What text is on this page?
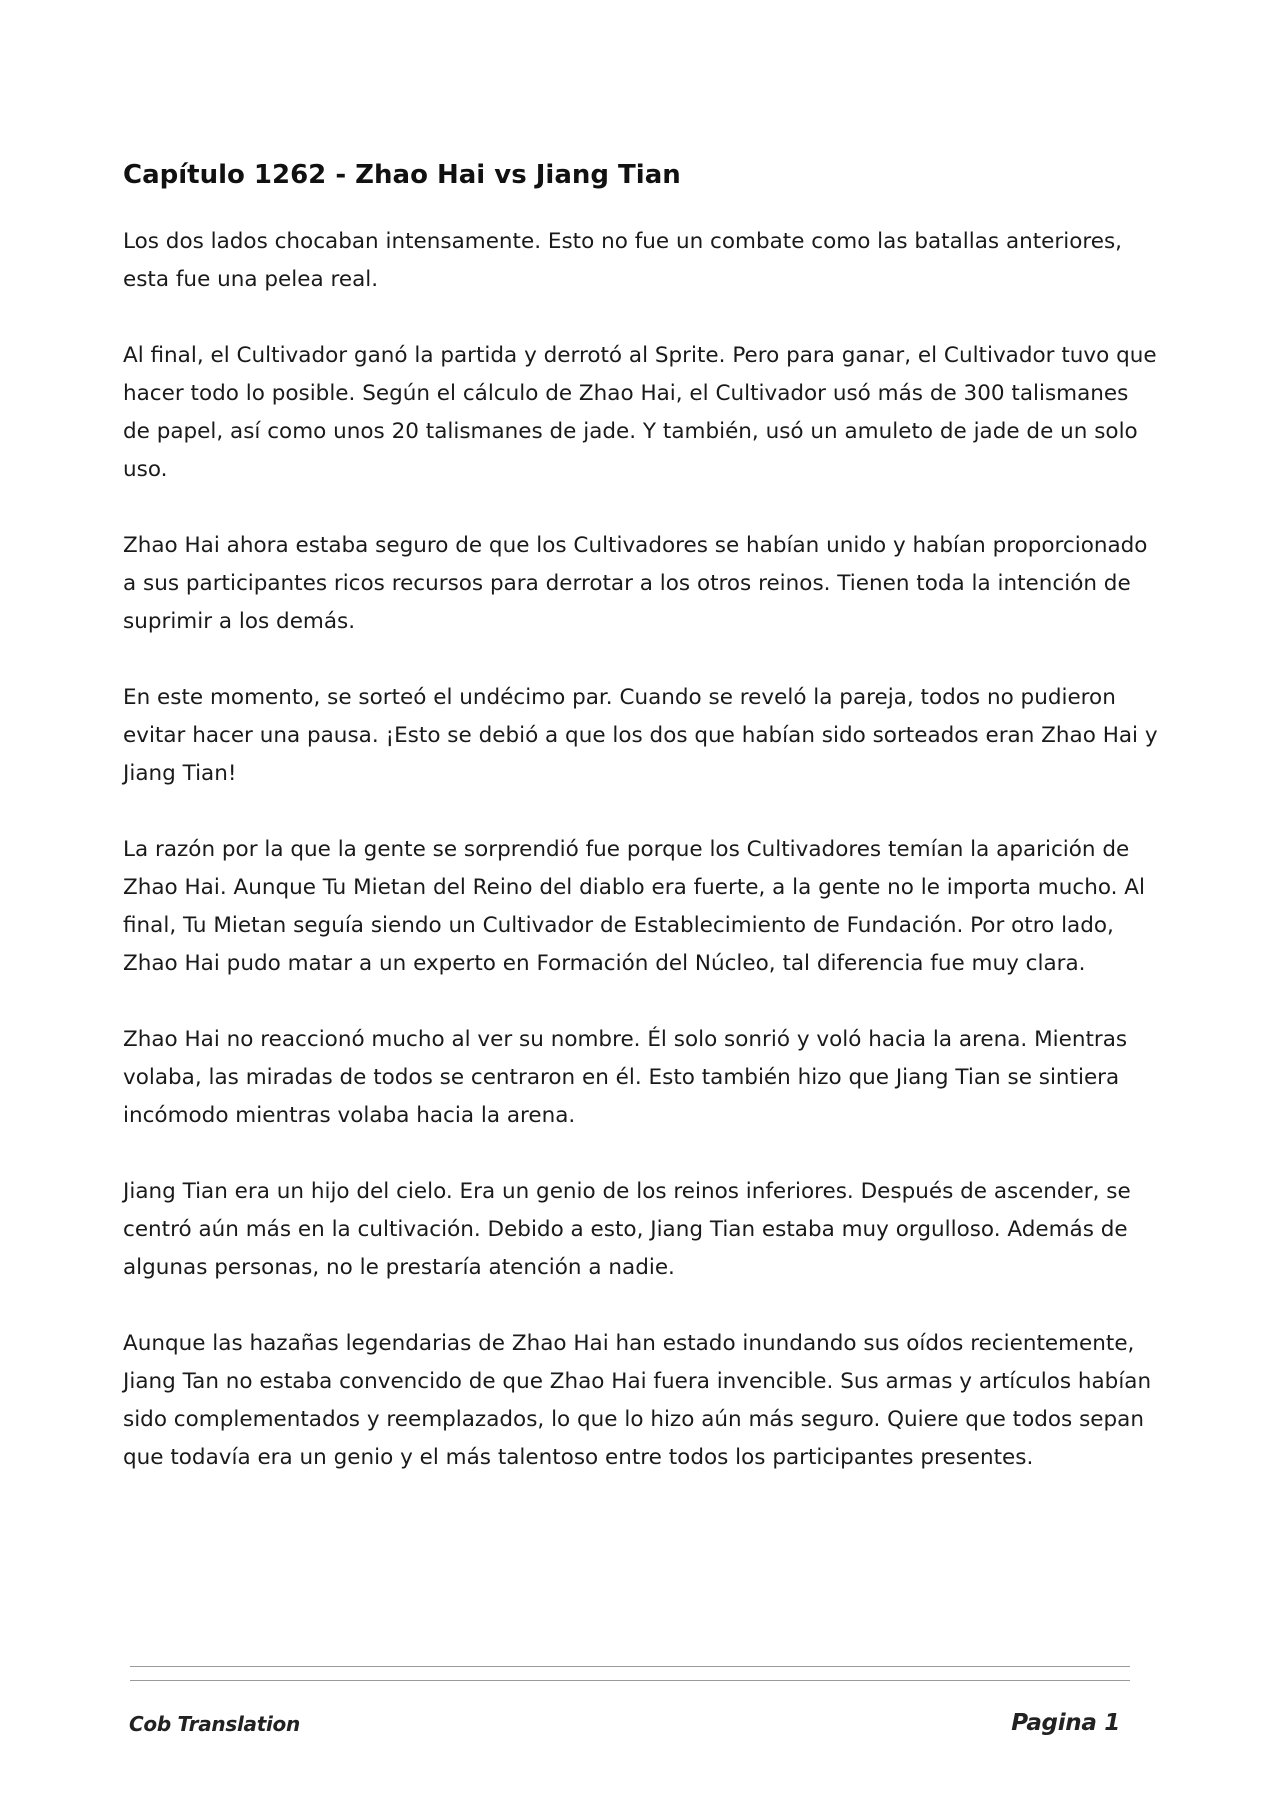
Capítulo 1262 - Zhao Hai vs Jiang Tian

Los dos lados chocaban intensamente. Esto no fue un combate como las batallas anteriores, esta fue una pelea real.

Al final, el Cultivador ganó la partida y derrotó al Sprite. Pero para ganar, el Cultivador tuvo que hacer todo lo posible. Según el cálculo de Zhao Hai, el Cultivador usó más de 300 talismanes de papel, así como unos 20 talismanes de jade. Y también, usó un amuleto de jade de un solo uso.

Zhao Hai ahora estaba seguro de que los Cultivadores se habían unido y habían proporcionado a sus participantes ricos recursos para derrotar a los otros reinos. Tienen toda la intención de suprimir a los demás.

En este momento, se sorteó el undécimo par. Cuando se reveló la pareja, todos no pudieron evitar hacer una pausa. ¡Esto se debió a que los dos que habían sido sorteados eran Zhao Hai y Jiang Tian!

La razón por la que la gente se sorprendió fue porque los Cultivadores temían la aparición de Zhao Hai. Aunque Tu Mietan del Reino del diablo era fuerte, a la gente no le importa mucho. Al final, Tu Mietan seguía siendo un Cultivador de Establecimiento de Fundación. Por otro lado, Zhao Hai pudo matar a un experto en Formación del Núcleo, tal diferencia fue muy clara.

Zhao Hai no reaccionó mucho al ver su nombre. Él solo sonrió y voló hacia la arena. Mientras volaba, las miradas de todos se centraron en él. Esto también hizo que Jiang Tian se sintiera incómodo mientras volaba hacia la arena.

Jiang Tian era un hijo del cielo. Era un genio de los reinos inferiores. Después de ascender, se centró aún más en la cultivación. Debido a esto, Jiang Tian estaba muy orgulloso. Además de algunas personas, no le prestaría atención a nadie.

Aunque las hazañas legendarias de Zhao Hai han estado inundando sus oídos recientemente, Jiang Tan no estaba convencido de que Zhao Hai fuera invencible. Sus armas y artículos habían sido complementados y reemplazados, lo que lo hizo aún más seguro. Quiere que todos sepan que todavía era un genio y el más talentoso entre todos los participantes presentes.

Cob Translation	Pagina 1
